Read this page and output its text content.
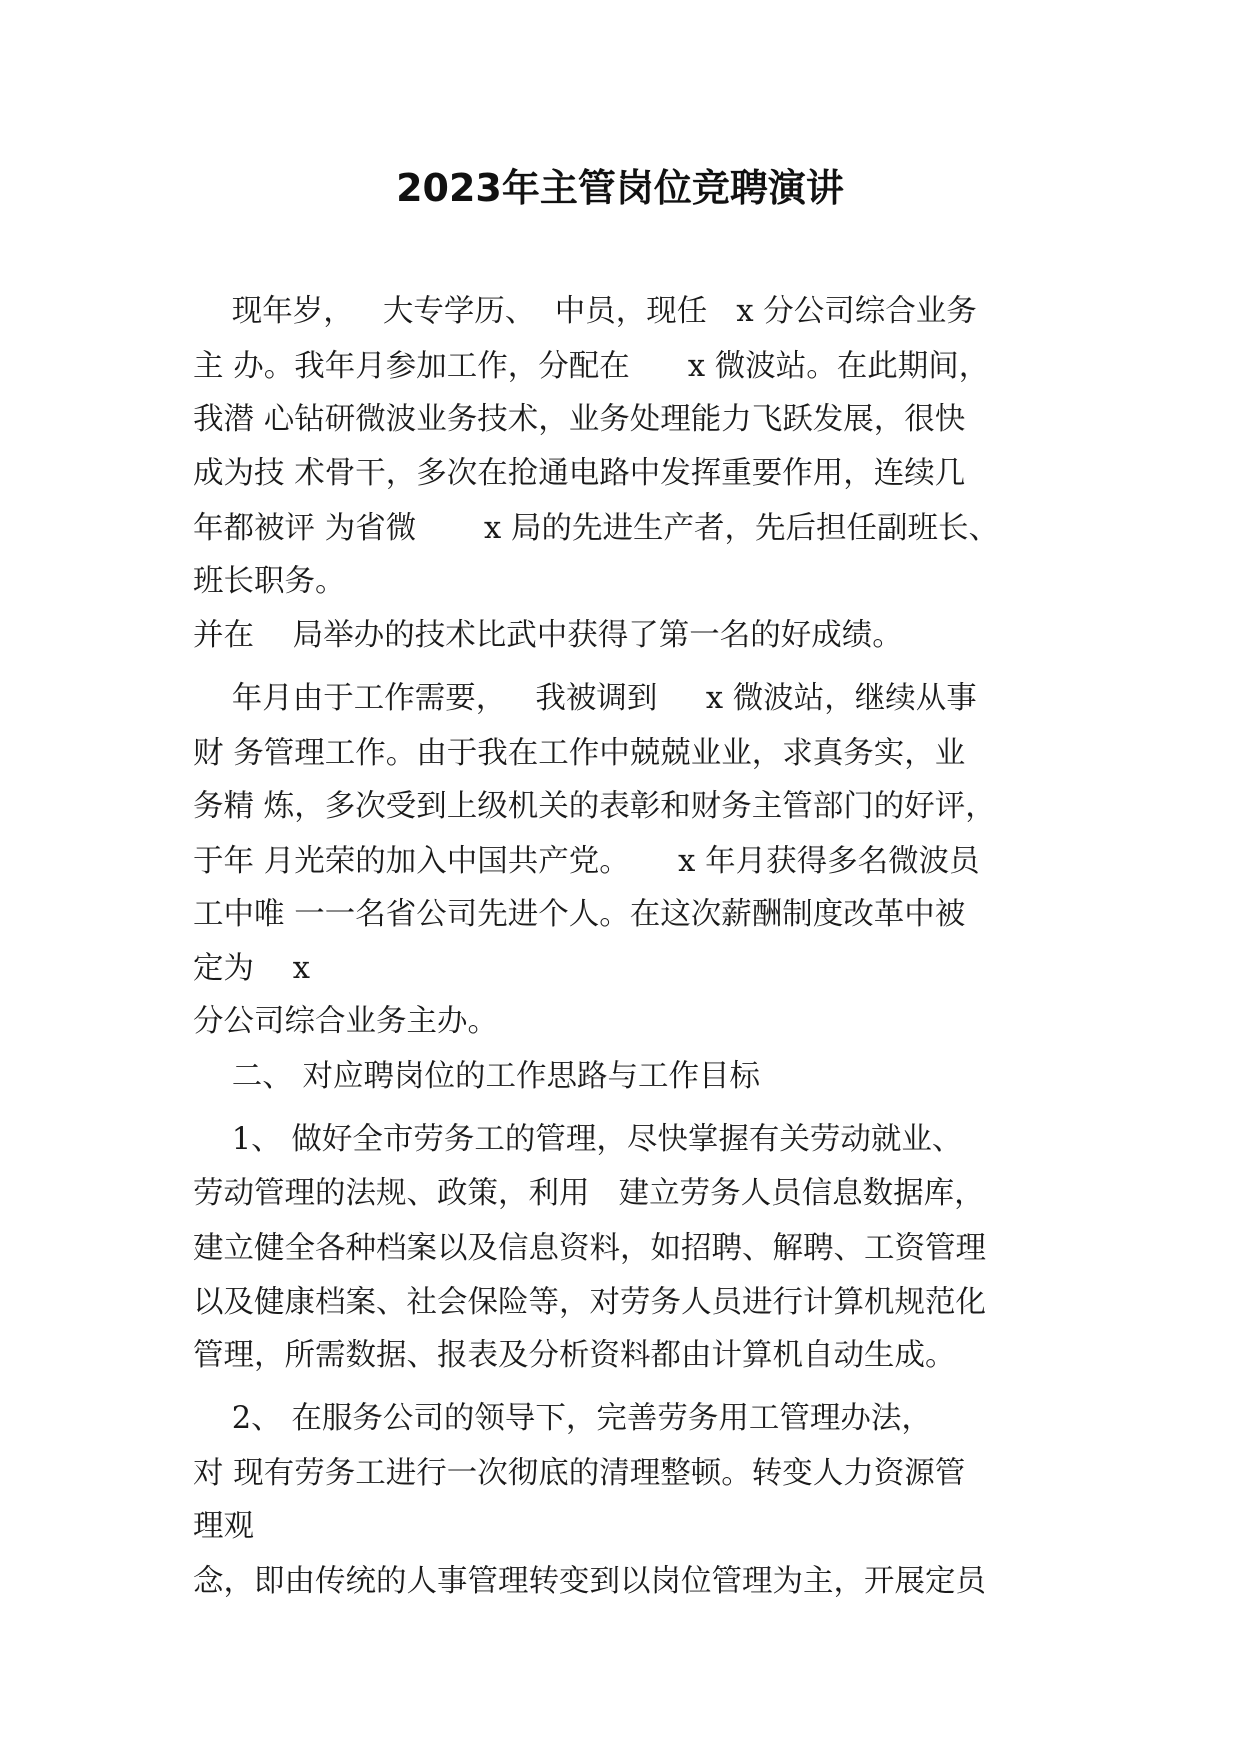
2023年主管岗位竞聘演讲
现年岁，   大专学历、  中员，现任   x 分公司综合业务
主 办。我年月参加工作，分配在      x 微波站。在此期间，
我潜 心钻研微波业务技术，业务处理能力飞跃发展，很快
成为技 术骨干，多次在抢通电路中发挥重要作用，连续几
年都被评 为省微       x 局的先进生产者，先后担任副班长、
班长职务。
并在    局举办的技术比武中获得了第一名的好成绩。
年月由于工作需要，   我被调到     x 微波站，继续从事
财 务管理工作。由于我在工作中兢兢业业，求真务实，业
务精 炼，多次受到上级机关的表彰和财务主管部门的好评，
于年 月光荣的加入中国共产党。     x 年月获得多名微波员
工中唯 一一名省公司先进个人。在这次薪酬制度改革中被
定为    x
分公司综合业务主办。
二、 对应聘岗位的工作思路与工作目标
1、 做好全市劳务工的管理，尽快掌握有关劳动就业、
劳动管理的法规、政策，利用   建立劳务人员信息数据库，
建立健全各种档案以及信息资料，如招聘、解聘、工资管理
以及健康档案、社会保险等，对劳务人员进行计算机规范化
管理，所需数据、报表及分析资料都由计算机自动生成。
2、 在服务公司的领导下，完善劳务用工管理办法，
对 现有劳务工进行一次彻底的清理整顿。转变人力资源管
理观
念，即由传统的人事管理转变到以岗位管理为主，开展定员
